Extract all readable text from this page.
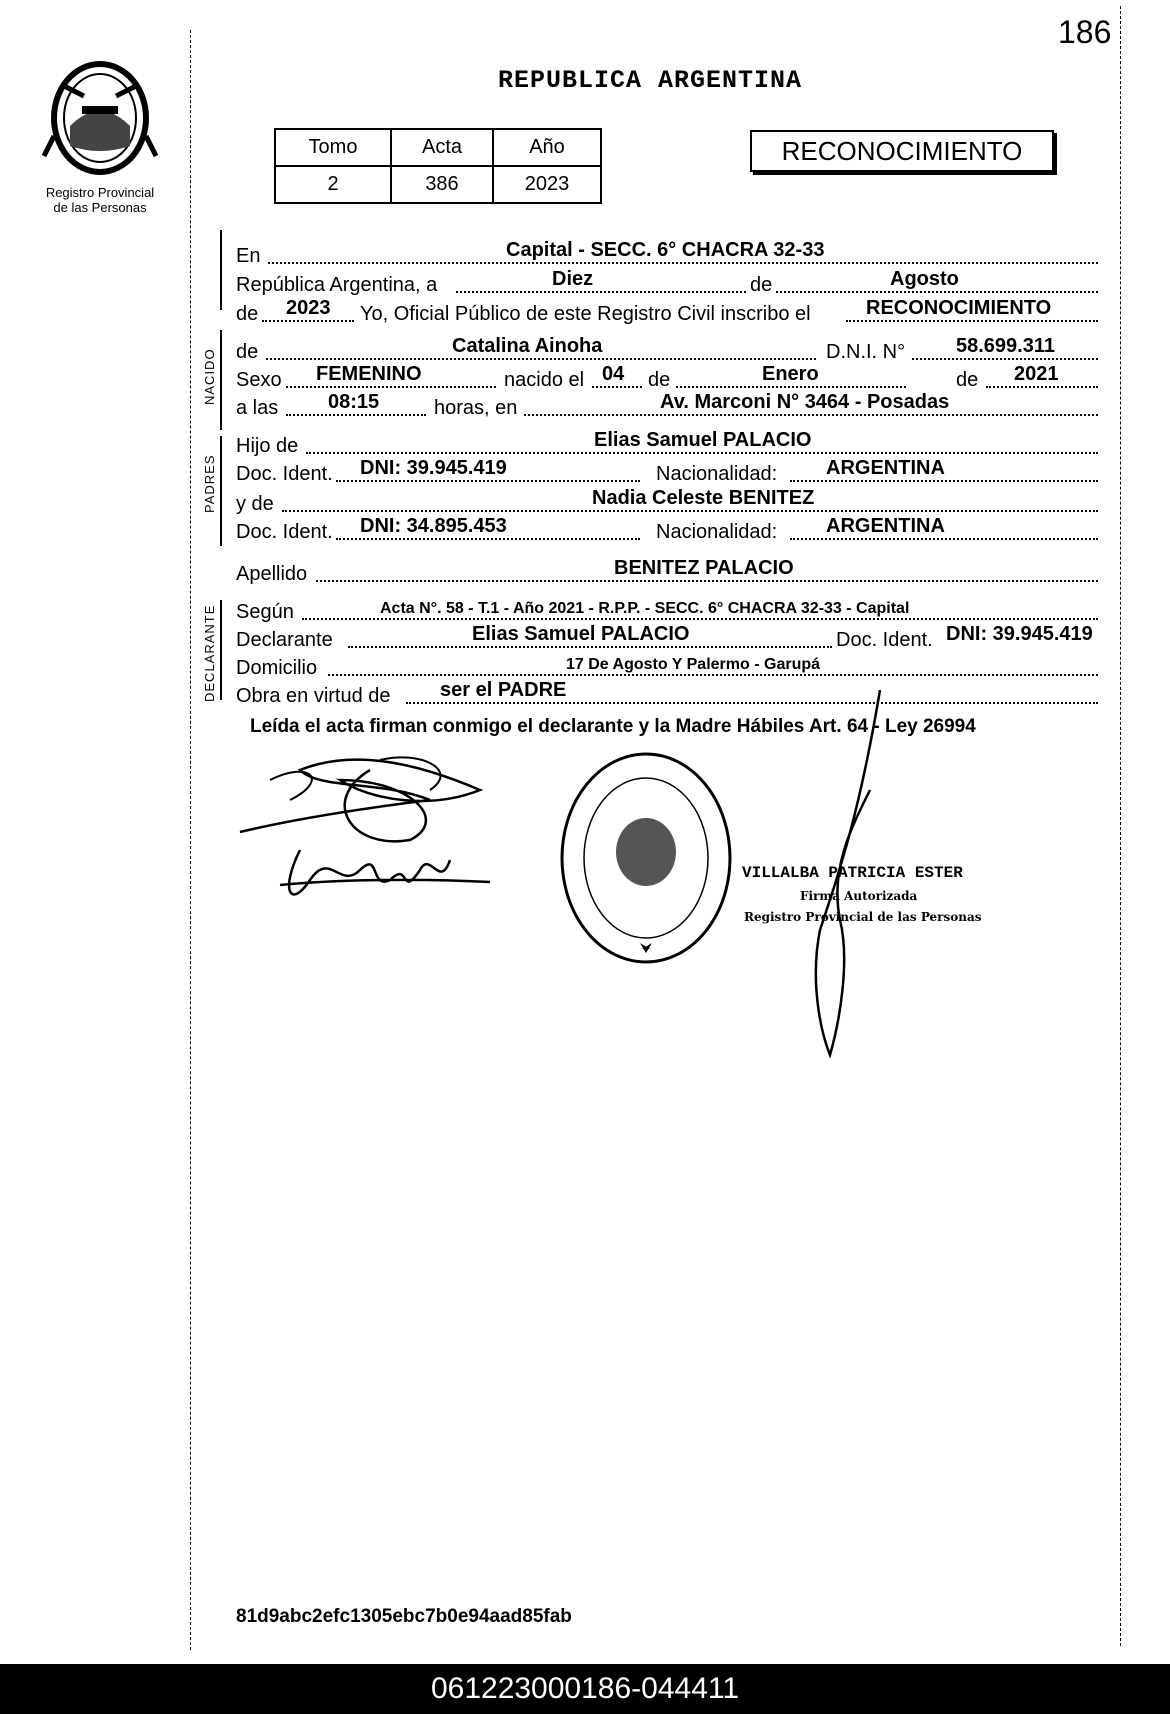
186
Registro Provincial
de las Personas
REPUBLICA ARGENTINA
Tomo	Acta	Año
2	386	2023
RECONOCIMIENTO
NACIDO
PADRES
DECLARANTE
En	Capital - SECC. 6° CHACRA 32-33
República Argentina, a	Diez	de	Agosto
de 2023 Yo, Oficial Público de este Registro Civil inscribo el	RECONOCIMIENTO
de	Catalina Ainoha	D.N.I. N°	58.699.311
Sexo FEMENINO	nacido el 04 de	Enero	de 2021
a las 08:15	horas, en	Av. Marconi N° 3464 - Posadas
Hijo de	Elias Samuel PALACIO
Doc. Ident. DNI: 39.945.419	Nacionalidad: ARGENTINA
y de	Nadia Celeste BENITEZ
Doc. Ident. DNI: 34.895.453	Nacionalidad: ARGENTINA
Apellido	BENITEZ PALACIO
Según	Acta N°. 58 - T.1 - Año 2021 - R.P.P. - SECC. 6° CHACRA 32-33 - Capital
Declarante	Elias Samuel PALACIO	Doc. Ident. DNI: 39.945.419
Domicilio	17 De Agosto Y Palermo - Garupá
Obra en virtud de ser el PADRE
Leída el acta firman conmigo el declarante y la Madre Hábiles Art. 64 - Ley 26994
VILLALBA PATRICIA ESTER
Firma Autorizada
Registro Provincial de las Personas
81d9abc2efc1305ebc7b0e94aad85fab
061223000186-044411
